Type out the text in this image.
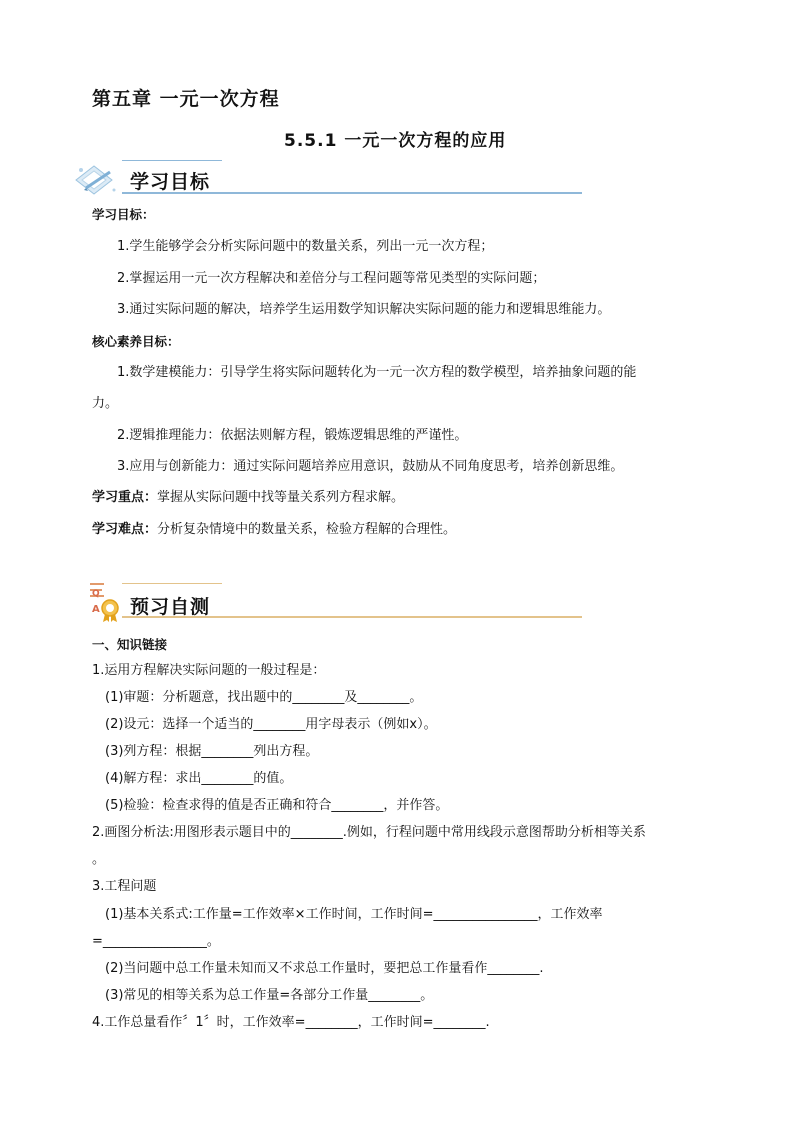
第五章 一元一次方程
5.5.1 一元一次方程的应用
学习目标
学习目标：
1.学生能够学会分析实际问题中的数量关系，列出一元一次方程；
2.掌握运用一元一次方程解决和差倍分与工程问题等常见类型的实际问题；
3.通过实际问题的解决，培养学生运用数学知识解决实际问题的能力和逻辑思维能力。
核心素养目标：
1.数学建模能力：引导学生将实际问题转化为一元一次方程的数学模型，培养抽象问题的能
力。
2.逻辑推理能力：依据法则解方程，锻炼逻辑思维的严谨性。
3.应用与创新能力：通过实际问题培养应用意识，鼓励从不同角度思考，培养创新思维。
学习重点：掌握从实际问题中找等量关系列方程求解。
学习难点：分析复杂情境中的数量关系，检验方程解的合理性。
Q
A 预习自测
一、知识链接
1.运用方程解决实际问题的一般过程是：
(1)审题：分析题意，找出题中的________及________。
(2)设元：选择一个适当的________用字母表示（例如x）。
(3)列方程：根据________列出方程。
(4)解方程：求出________的值。
(5)检验：检查求得的值是否正确和符合________，并作答。
2.画图分析法:用图形表示题目中的________.例如，行程问题中常用线段示意图帮助分析相等关系
。
3.工程问题
(1)基本关系式:工作量=工作效率×工作时间，工作时间=________________，工作效率
=________________。
(2)当问题中总工作量未知而又不求总工作量时，要把总工作量看作________.
(3)常见的相等关系为总工作量=各部分工作量________。
4.工作总量看作〞1〞时，工作效率=________，工作时间=________.
